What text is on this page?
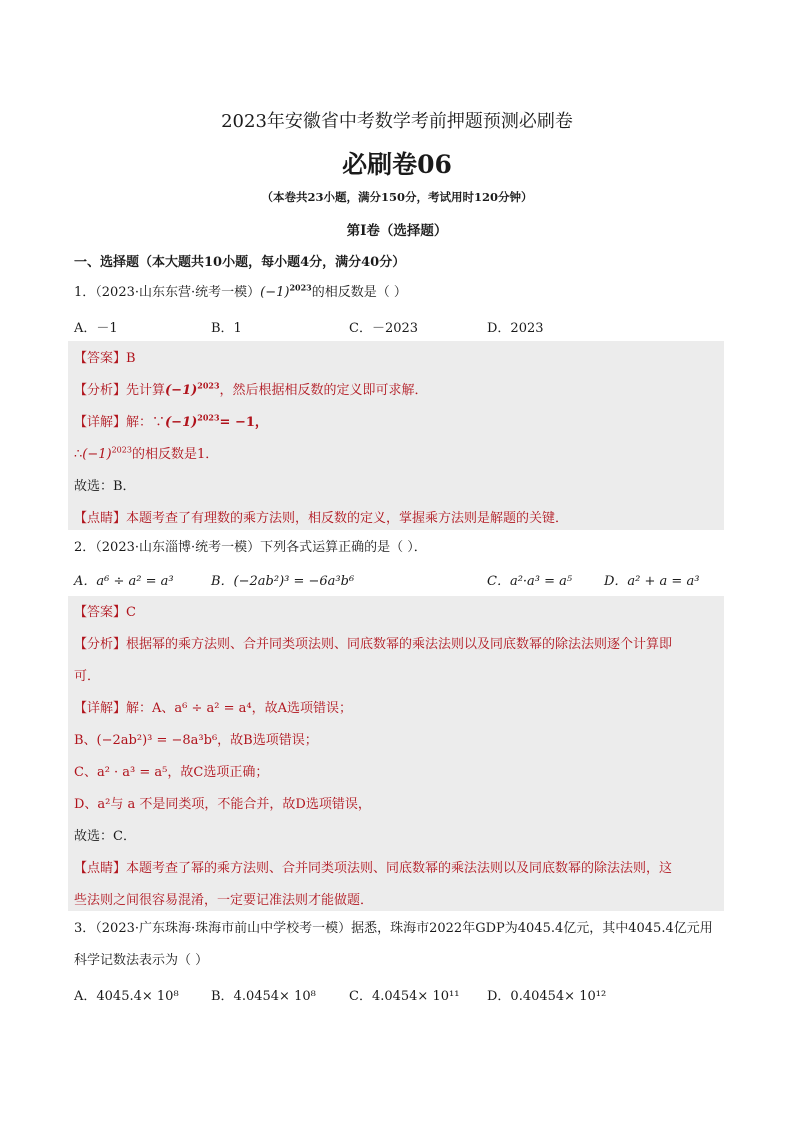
2023年安徽省中考数学考前押题预测必刷卷
必刷卷06
（本卷共23小题，满分150分，考试用时120分钟）
第Ⅰ卷（选择题）
一、选择题（本大题共10小题，每小题4分，满分40分）
1．（2023·山东东营·统考一模）$(-1)^{2023}$的相反数是（ ）
A．－1	B．1	C．－2023	D．2023
【答案】B
【分析】先计算$(-1)^{2023}$，然后根据相反数的定义即可求解．
【详解】解：$\because(-1)^{2023}= -1$，
$\therefore(-1)^{2023}$的相反数是1．
故选：B．
【点睛】本题考查了有理数的乘方法则，相反数的定义，掌握乘方法则是解题的关键．
2．（2023·山东淄博·统考一模）下列各式运算正确的是（ ）．
A．a⁶ ÷ a² = a³	B．(−2ab²)³ = −6a³b⁶	C．a²·a³ = a⁵ D．a² + a = a³
【答案】C
【分析】根据幂的乘方法则、合并同类项法则、同底数幂的乘法法则以及同底数幂的除法法则逐个计算即
可．
【详解】解：A、a⁶ ÷ a² = a⁴，故A选项错误；
B、(−2ab²)³ = −8a³b⁶，故B选项错误；
C、a² · a³ = a⁵，故C选项正确；
D、a²与 a 不是同类项，不能合并，故D选项错误，
故选：C．
【点睛】本题考查了幂的乘方法则、合并同类项法则、同底数幂的乘法法则以及同底数幂的除法法则，这
些法则之间很容易混淆，一定要记准法则才能做题．
3．（2023·广东珠海·珠海市前山中学校考一模）据悉，珠海市2022年GDP为4045.4亿元，其中4045.4亿元用
科学记数法表示为（ ）
A．4045.4× 10⁸ B．4.0454× 10⁸	C．4.0454× 10¹¹ D．0.40454× 10¹²
